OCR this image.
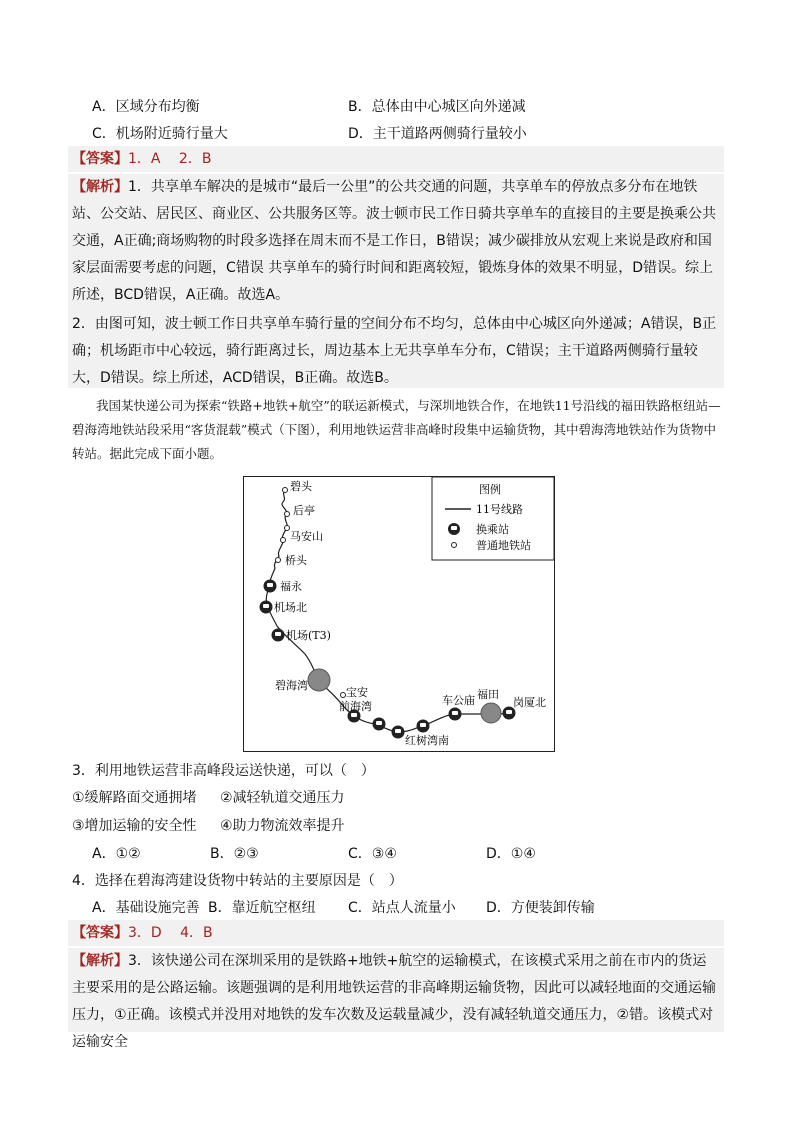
A．区域分布均衡	B．总体由中心城区向外递减
C．机场附近骑行量大	D．主干道路两侧骑行量较小
【答案】1．A　 2．B
【解析】1．共享单车解决的是城市“最后一公里”的公共交通的问题，共享单车的停放点多分布在地铁站、公交站、居民区、商业区、公共服务区等。波士顿市民工作日骑共享单车的直接目的主要是换乘公共交通，A正确;商场购物的时段多选择在周末而不是工作日，B错误；减少碳排放从宏观上来说是政府和国家层面需要考虑的问题，C错误 共享单车的骑行时间和距离较短，锻炼身体的效果不明显，D错误。综上所述，BCD错误，A正确。故选A。
2．由图可知，波士顿工作日共享单车骑行量的空间分布不均匀，总体由中心城区向外递减；A错误，B正确；机场距市中心较远，骑行距离过长，周边基本上无共享单车分布，C错误；主干道路两侧骑行量较大，D错误。综上所述，ACD错误，B正确。故选B。
我国某快递公司为探索“铁路+地铁+航空”的联运新模式，与深圳地铁合作，在地铁11号沿线的福田铁路枢纽站—碧海湾地铁站段采用“客货混载”模式（下图），利用地铁运营非高峰时段集中运输货物，其中碧海湾地铁站作为货物中转站。据此完成下面小题。
图例
11号线路
换乘站
普通地铁站
碧头
后亭
马安山
桥头
福永
机场北
机场(T3)
碧海湾
宝安
前海湾
红树湾南
车公庙 福田
岗厦北
3．利用地铁运营非高峰段运送快递，可以（　）
①缓解路面交通拥堵 ②减轻轨道交通压力
③增加运输的安全性 ④助力物流效率提升
A．①②	B．②③	C．③④	D．①④
4．选择在碧海湾建设货物中转站的主要原因是（　）
A．基础设施完善 B．靠近航空枢纽 C．站点人流量小 D．方便装卸传输
【答案】3．D　 4．B
【解析】3．该快递公司在深圳采用的是铁路+地铁+航空的运输模式，在该模式采用之前在市内的货运主要采用的是公路运输。该题强调的是利用地铁运营的非高峰期运输货物，因此可以减轻地面的交通运输压力，①正确。该模式并没用对地铁的发车次数及运载量减少，没有减轻轨道交通压力，②错。该模式对运输安全
